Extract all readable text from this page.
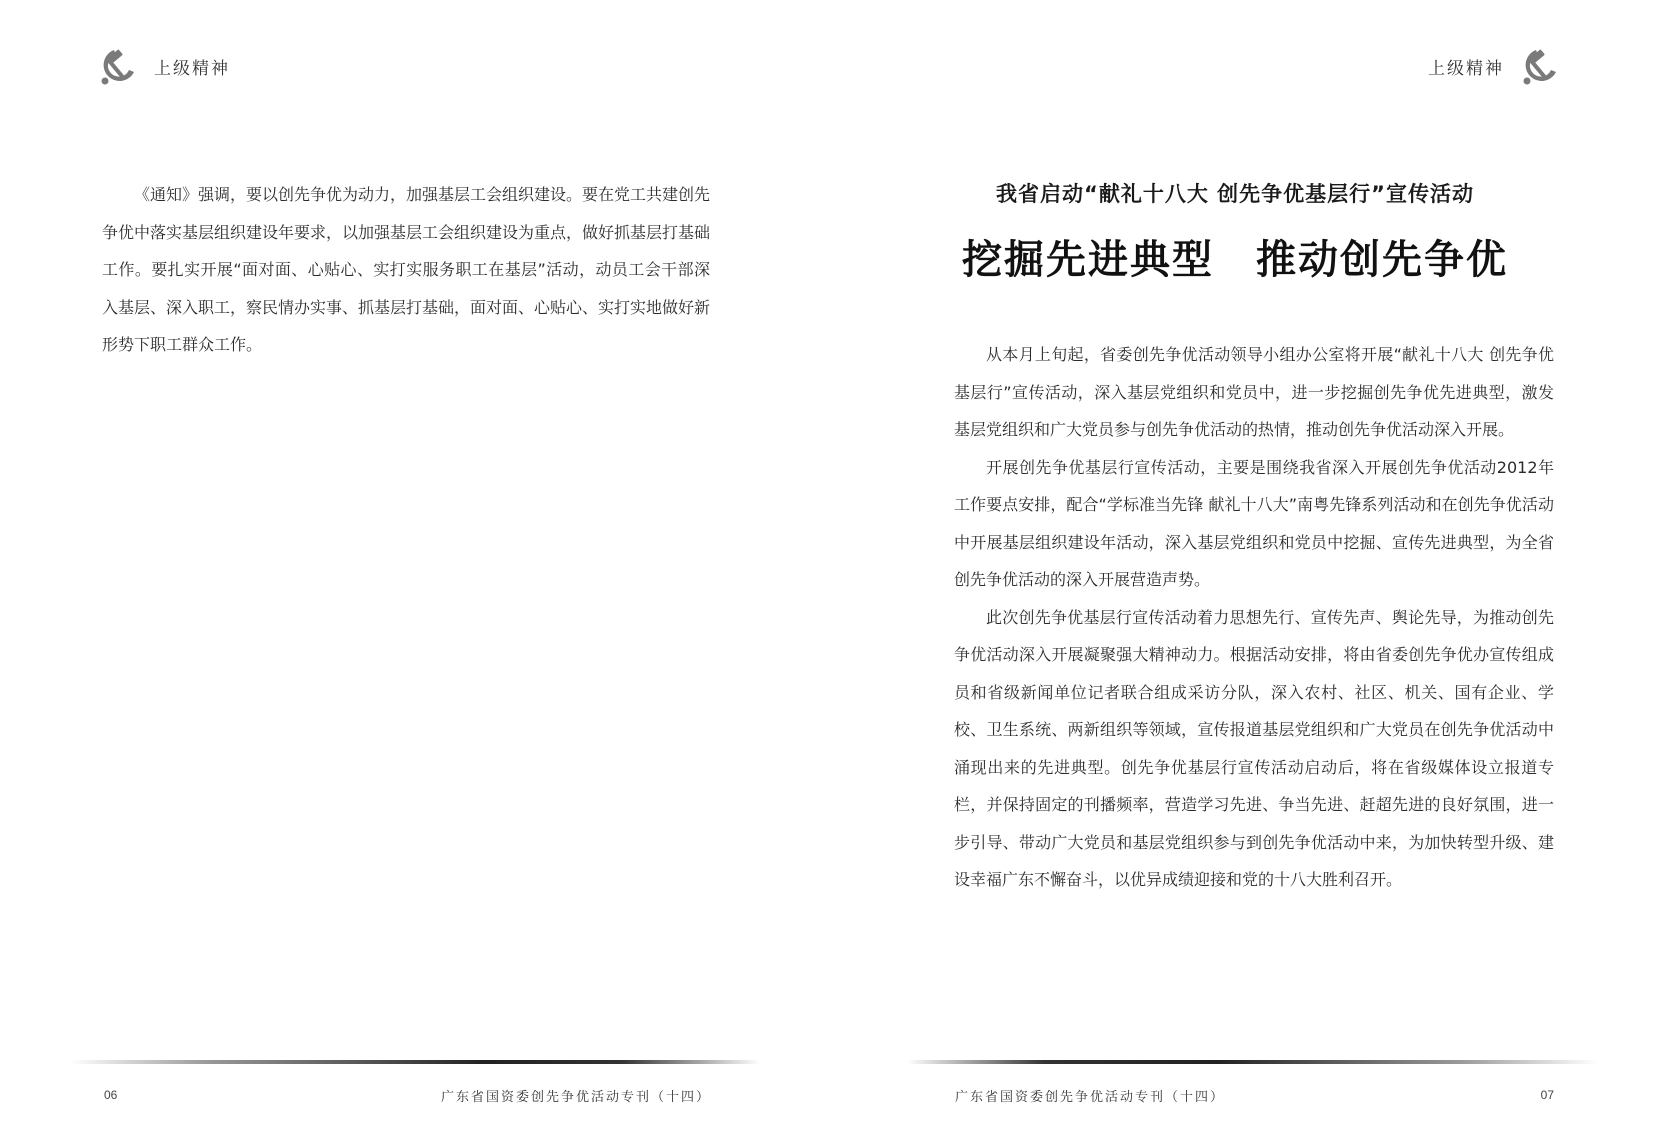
上级精神

《通知》强调，要以创先争优为动力，加强基层工会组织建设。要在党工共建创先争优中落实基层组织建设年要求，以加强基层工会组织建设为重点，做好抓基层打基础工作。要扎实开展“面对面、心贴心、实打实服务职工在基层”活动，动员工会干部深入基层、深入职工，察民情办实事、抓基层打基础，面对面、心贴心、实打实地做好新形势下职工群众工作。

06	广东省国资委创先争优活动专刊（十四）
上级精神
我省启动“献礼十八大 创先争优基层行”宣传活动
挖掘先进典型　推动创先争优

从本月上旬起，省委创先争优活动领导小组办公室将开展“献礼十八大 创先争优基层行”宣传活动，深入基层党组织和党员中，进一步挖掘创先争优先进典型，激发基层党组织和广大党员参与创先争优活动的热情，推动创先争优活动深入开展。

开展创先争优基层行宣传活动，主要是围绕我省深入开展创先争优活动2012年工作要点安排，配合“学标准当先锋 献礼十八大”南粤先锋系列活动和在创先争优活动中开展基层组织建设年活动，深入基层党组织和党员中挖掘、宣传先进典型，为全省创先争优活动的深入开展营造声势。

此次创先争优基层行宣传活动着力思想先行、宣传先声、舆论先导，为推动创先争优活动深入开展凝聚强大精神动力。根据活动安排，将由省委创先争优办宣传组成员和省级新闻单位记者联合组成采访分队，深入农村、社区、机关、国有企业、学校、卫生系统、两新组织等领域，宣传报道基层党组织和广大党员在创先争优活动中涌现出来的先进典型。创先争优基层行宣传活动启动后，将在省级媒体设立报道专栏，并保持固定的刊播频率，营造学习先进、争当先进、赶超先进的良好氛围，进一步引导、带动广大党员和基层党组织参与到创先争优活动中来，为加快转型升级、建设幸福广东不懈奋斗，以优异成绩迎接和党的十八大胜利召开。

广东省国资委创先争优活动专刊（十四）	07
